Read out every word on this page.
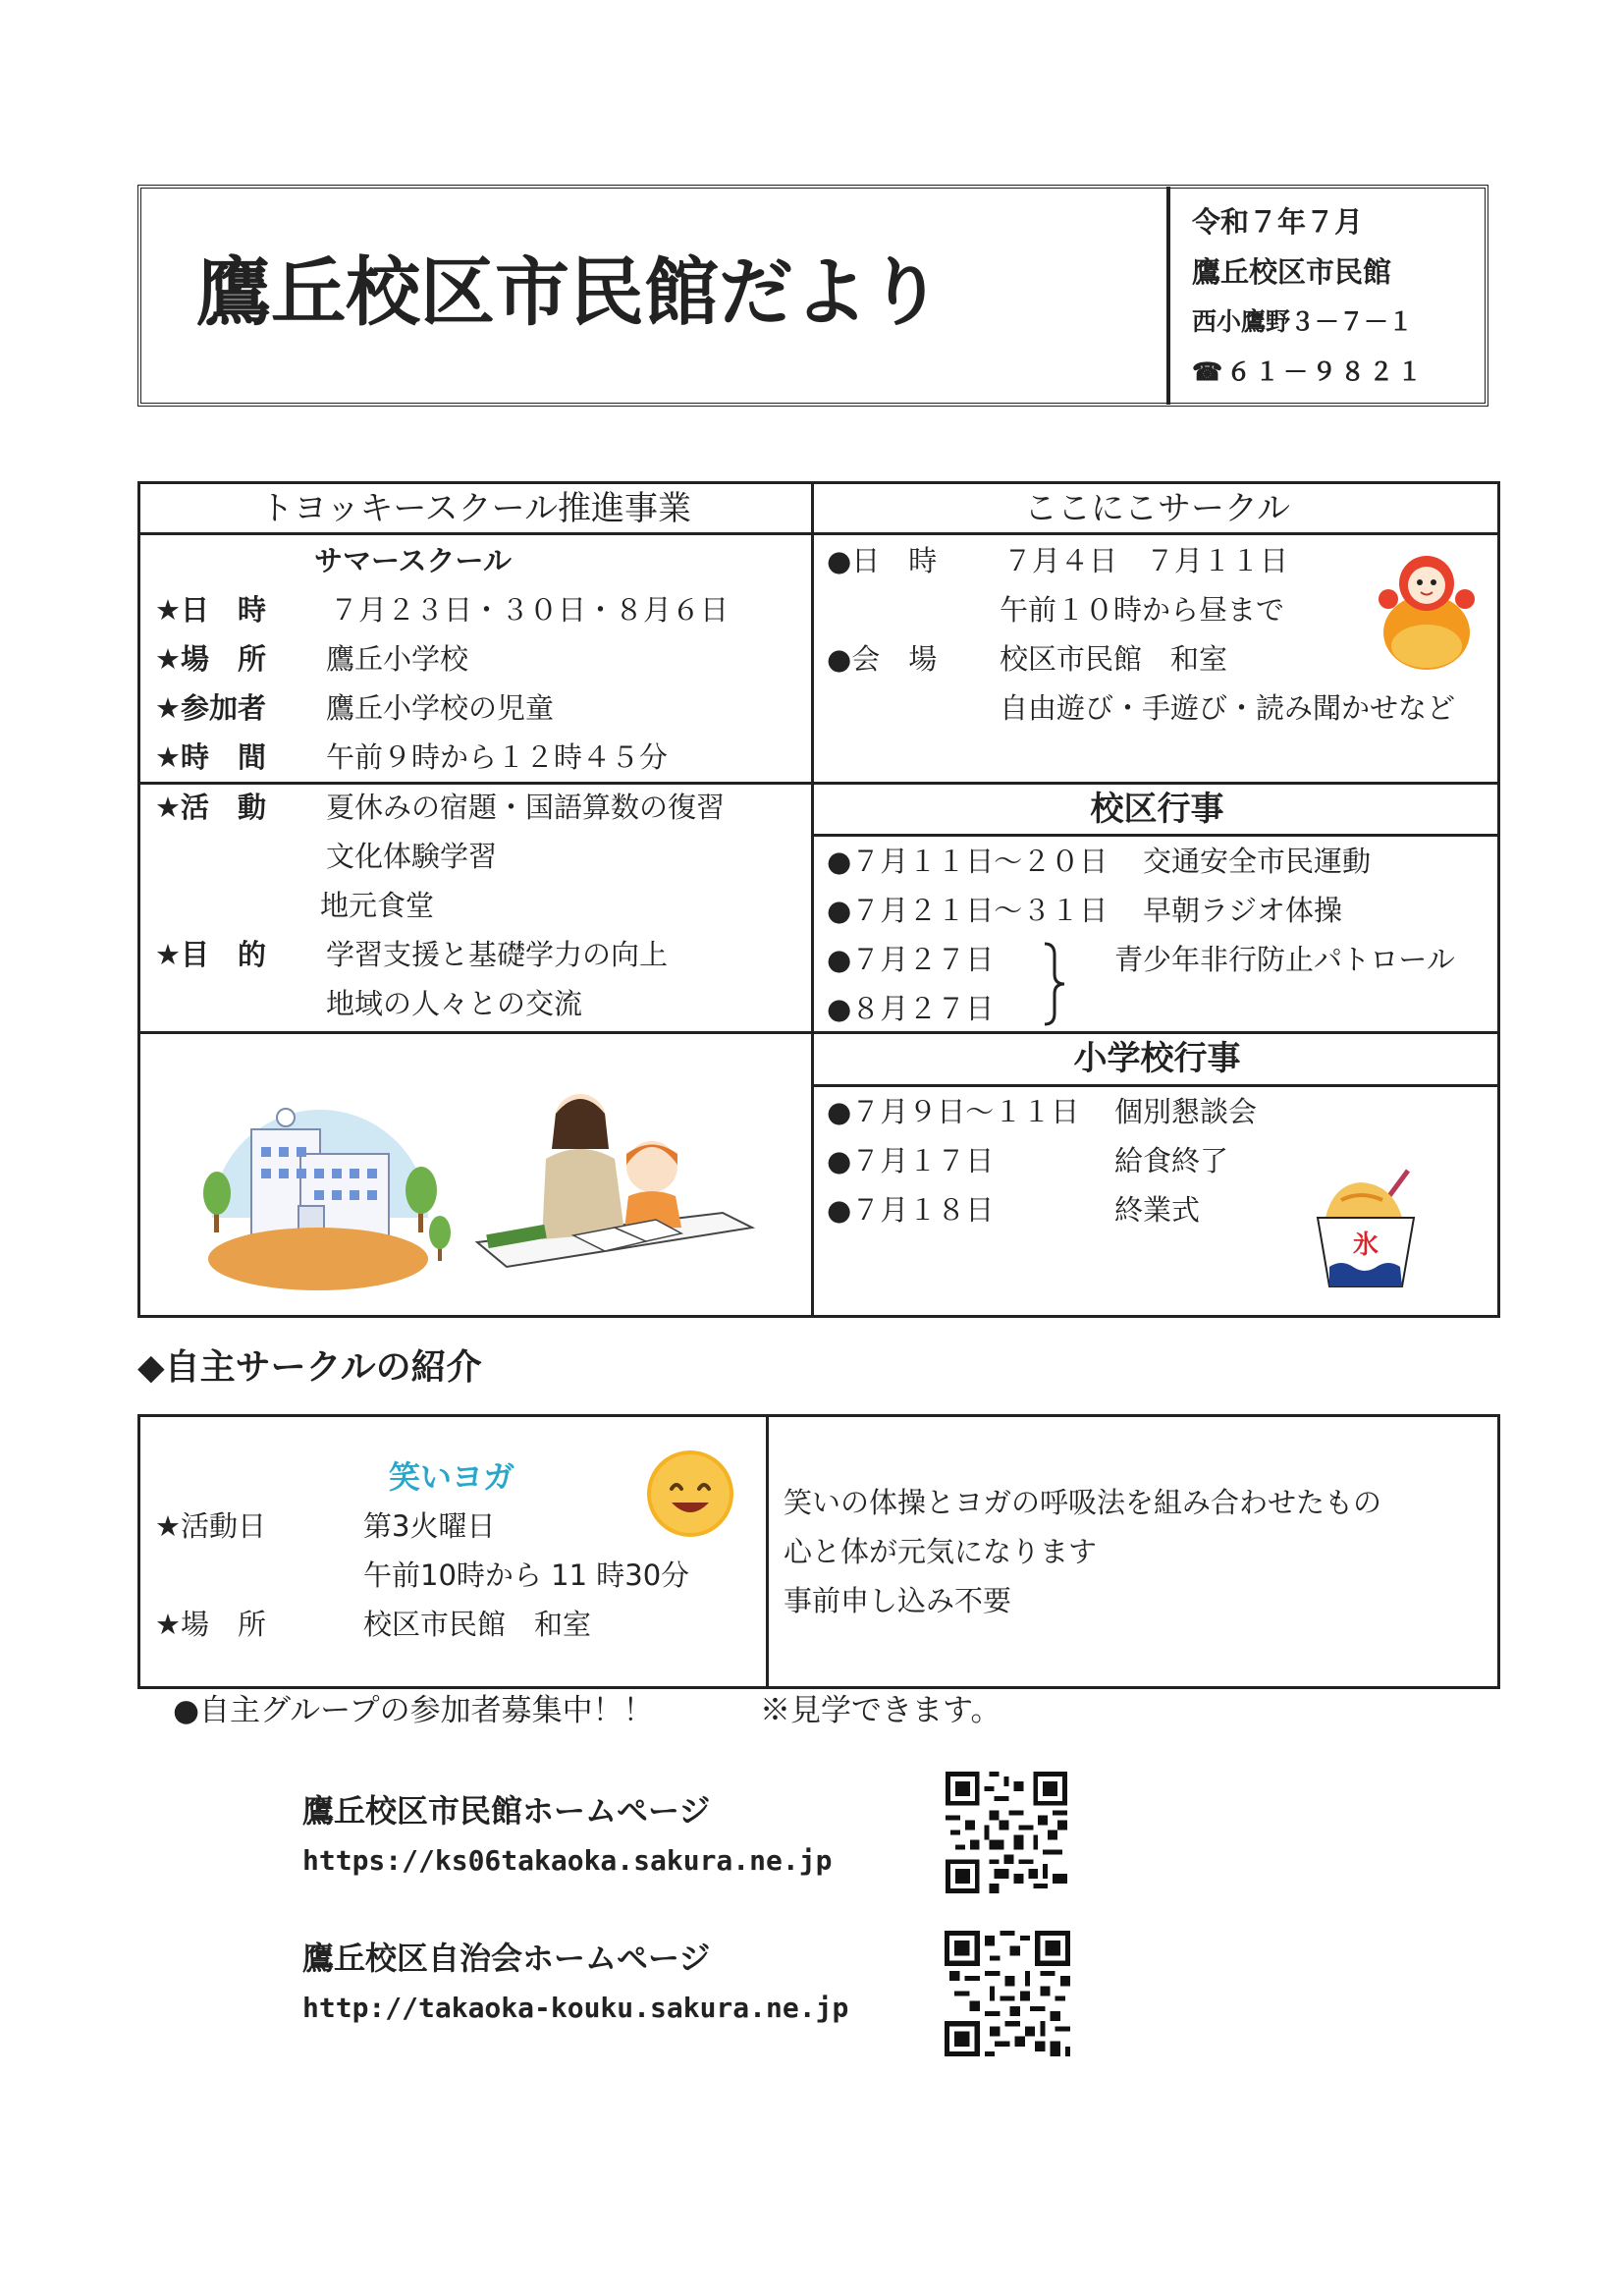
鷹丘校区市民館だより
令和７年７月
鷹丘校区市民館
西小鷹野３－７－１
☎６１－９８２１
トヨッキースクール推進事業
サマースクール
★日　時 ７月２３日・３０日・８月６日
★場　所 鷹丘小学校
★参加者 鷹丘小学校の児童
★時　間 午前９時から１２時４５分
★活　動 夏休みの宿題・国語算数の復習
文化体験学習
地元食堂
★目　的 学習支援と基礎学力の向上
地域の人々との交流
ここにこサークル
●日　時 ７月４日　７月１１日
午前１０時から昼まで
●会　場 校区市民館　和室
自由遊び・手遊び・読み聞かせなど
校区行事
●７月１１日～２０日 交通安全市民運動
●７月２１日～３１日 早朝ラジオ体操
●７月２７日
●８月２７日
青少年非行防止パトロール
小学校行事
●７月９日～１１日 個別懇談会
●７月１７日	給食終了
●７月１８日	終業式
氷
◆自主サークルの紹介
笑いヨガ
★活動日	第3火曜日
午前10時から 11 時30分
★場　所	校区市民館　和室
笑いの体操とヨガの呼吸法を組み合わせたもの
心と体が元気になります
事前申し込み不要
●自主グループの参加者募集中！！	※見学できます。
鷹丘校区市民館ホームページ
https://ks06takaoka.sakura.ne.jp
鷹丘校区自治会ホームページ
http://takaoka-kouku.sakura.ne.jp
